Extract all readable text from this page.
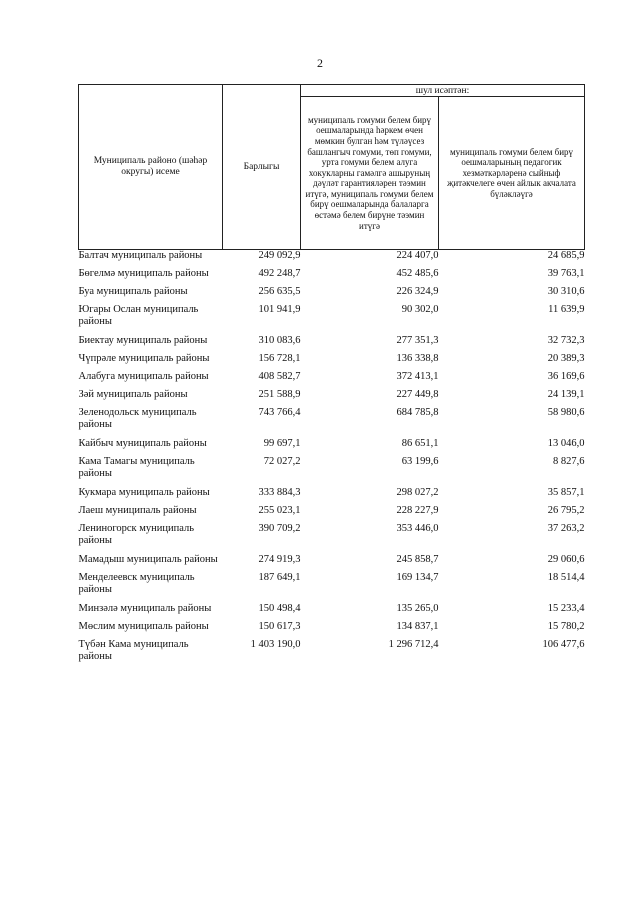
2
Муниципаль районо (шәһәр округы) исеме	Барлыгы	шул исәптән:	
		муниципаль гомуми белем бирү оешмаларында һәркем өчен мөмкин булган һәм түләүсез башлангыч гомуми, төп гомуми, урта гомуми белем алуга хокукларны гамәлгә ашыруның дәүләт гарантияләрен тәэмин итүгә, муниципаль гомуми белем бирү оешмаларында балаларга өстәмә белем бирүне тәэмин итүгә	муниципаль гомуми белем бирү оешмаларының педагогик хезмәткәрләренә сыйныф җитәкчелеге өчен айлык акчалата бүләкләүгә
Балтач муниципаль районы	249 092,9	224 407,0	24 685,9
Бөгелмә муниципаль районы	492 248,7	452 485,6	39 763,1
Буа муниципаль районы	256 635,5	226 324,9	30 310,6
Югары Ослан муниципаль районы	101 941,9	90 302,0	11 639,9
Биектау муниципаль районы	310 083,6	277 351,3	32 732,3
Чүпрәле муниципаль районы	156 728,1	136 338,8	20 389,3
Алабуга муниципаль районы	408 582,7	372 413,1	36 169,6
Зәй муниципаль районы	251 588,9	227 449,8	24 139,1
Зеленодольск муниципаль районы	743 766,4	684 785,8	58 980,6
Кайбыч муниципаль районы	99 697,1	86 651,1	13 046,0
Кама Тамагы муниципаль районы	72 027,2	63 199,6	8 827,6
Кукмара муниципаль районы	333 884,3	298 027,2	35 857,1
Лаеш муниципаль районы	255 023,1	228 227,9	26 795,2
Лениногорск муниципаль районы	390 709,2	353 446,0	37 263,2
Мамадыш муниципаль районы	274 919,3	245 858,7	29 060,6
Менделеевск муниципаль районы	187 649,1	169 134,7	18 514,4
Минзәлә муниципаль районы	150 498,4	135 265,0	15 233,4
Мөслим муниципаль районы	150 617,3	134 837,1	15 780,2
Түбән Кама муниципаль районы	1 403 190,0	1 296 712,4	106 477,6
